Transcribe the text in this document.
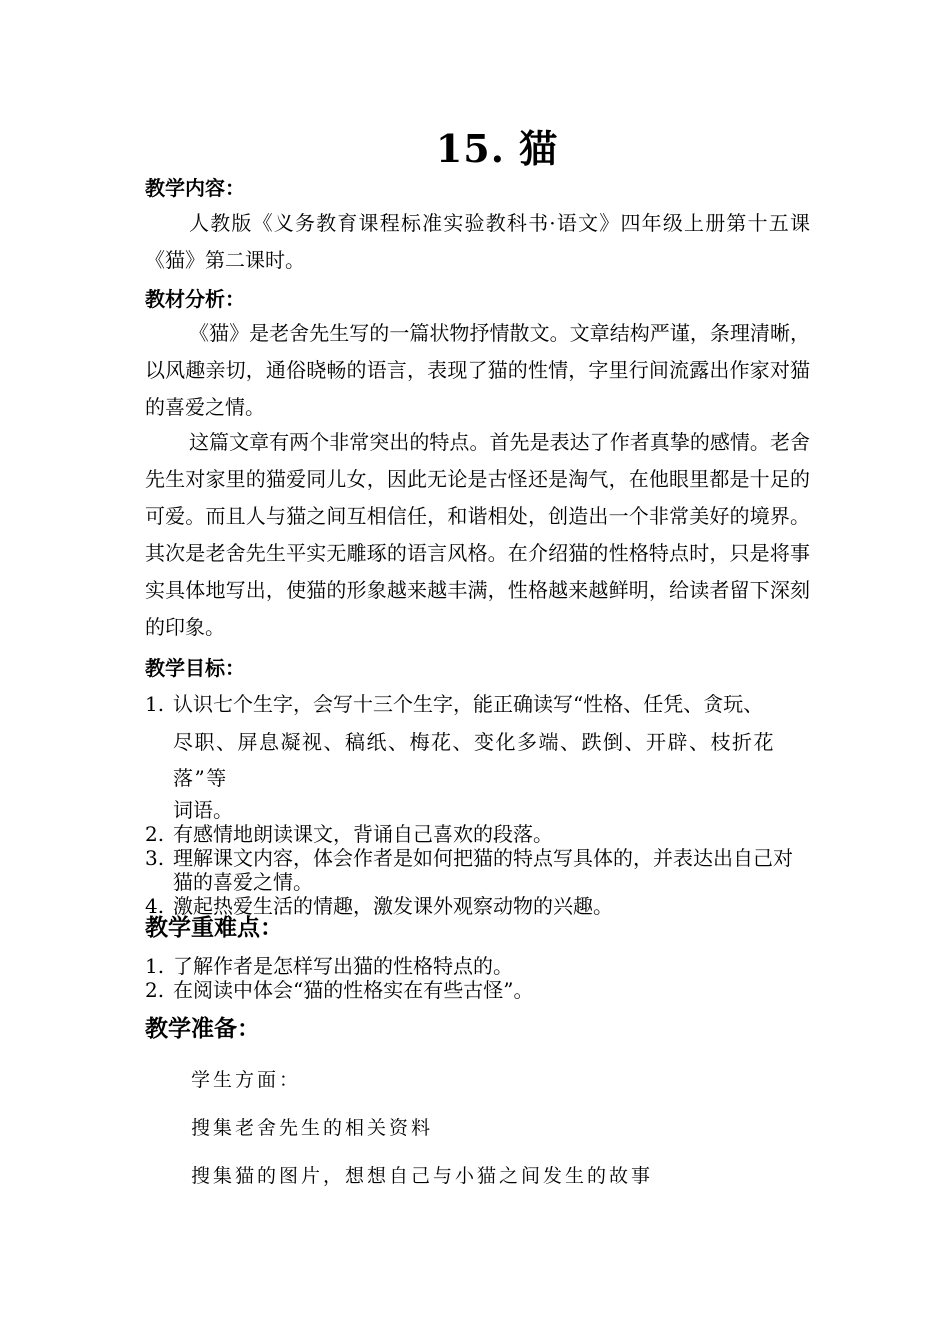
15. 猫
教学内容：
人教版《义务教育课程标准实验教科书·语文》四年级上册第十五课《猫》第二课时。
教材分析：
《猫》是老舍先生写的一篇状物抒情散文。文章结构严谨，条理清晰，以风趣亲切，通俗晓畅的语言，表现了猫的性情，字里行间流露出作家对猫的喜爱之情。
这篇文章有两个非常突出的特点。首先是表达了作者真挚的感情。老舍先生对家里的猫爱同儿女，因此无论是古怪还是淘气，在他眼里都是十足的可爱。而且人与猫之间互相信任，和谐相处，创造出一个非常美好的境界。其次是老舍先生平实无雕琢的语言风格。在介绍猫的性格特点时，只是将事实具体地写出，使猫的形象越来越丰满，性格越来越鲜明，给读者留下深刻的印象。
教学目标：
1. 认识七个生字，会写十三个生字，能正确读写“性格、任凭、贪玩、
尽职、屏息凝视、稿纸、梅花、变化多端、跌倒、开辟、枝折花落”等
词语。
2. 有感情地朗读课文，背诵自己喜欢的段落。
3. 理解课文内容，体会作者是如何把猫的特点写具体的，并表达出自己对猫的喜爱之情。
4. 激起热爱生活的情趣，激发课外观察动物的兴趣。
教学重难点：
1. 了解作者是怎样写出猫的性格特点的。
2. 在阅读中体会“猫的性格实在有些古怪”。
教学准备：
学生方面：
搜集老舍先生的相关资料
搜集猫的图片，想想自己与小猫之间发生的故事
